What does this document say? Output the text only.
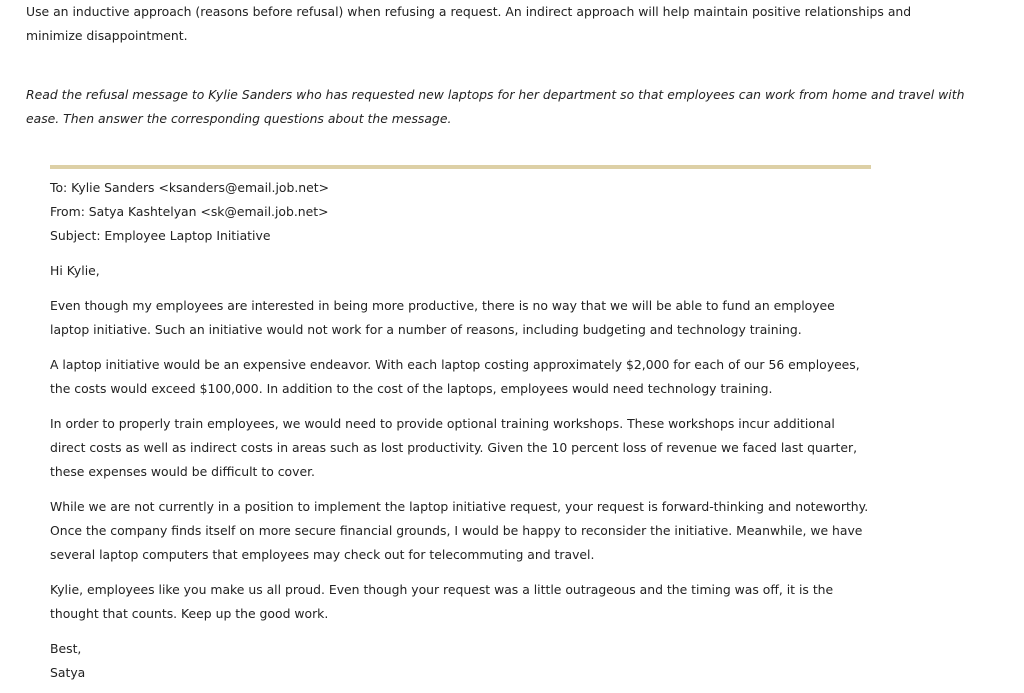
Use an inductive approach (reasons before refusal) when refusing a request. An indirect approach will help maintain positive relationships and minimize disappointment.

Read the refusal message to Kylie Sanders who has requested new laptops for her department so that employees can work from home and travel with ease. Then answer the corresponding questions about the message.

To: Kylie Sanders <ksanders@email.job.net>

From: Satya Kashtelyan <sk@email.job.net>

Subject: Employee Laptop Initiative

Hi Kylie,

Even though my employees are interested in being more productive, there is no way that we will be able to fund an employee laptop initiative. Such an initiative would not work for a number of reasons, including budgeting and technology training.

A laptop initiative would be an expensive endeavor. With each laptop costing approximately $2,000 for each of our 56 employees, the costs would exceed $100,000. In addition to the cost of the laptops, employees would need technology training.

In order to properly train employees, we would need to provide optional training workshops. These workshops incur additional direct costs as well as indirect costs in areas such as lost productivity. Given the 10 percent loss of revenue we faced last quarter, these expenses would be difficult to cover.

While we are not currently in a position to implement the laptop initiative request, your request is forward-thinking and noteworthy. Once the company finds itself on more secure financial grounds, I would be happy to reconsider the initiative. Meanwhile, we have several laptop computers that employees may check out for telecommuting and travel.

Kylie, employees like you make us all proud. Even though your request was a little outrageous and the timing was off, it is the thought that counts. Keep up the good work.

Best,
Satya
